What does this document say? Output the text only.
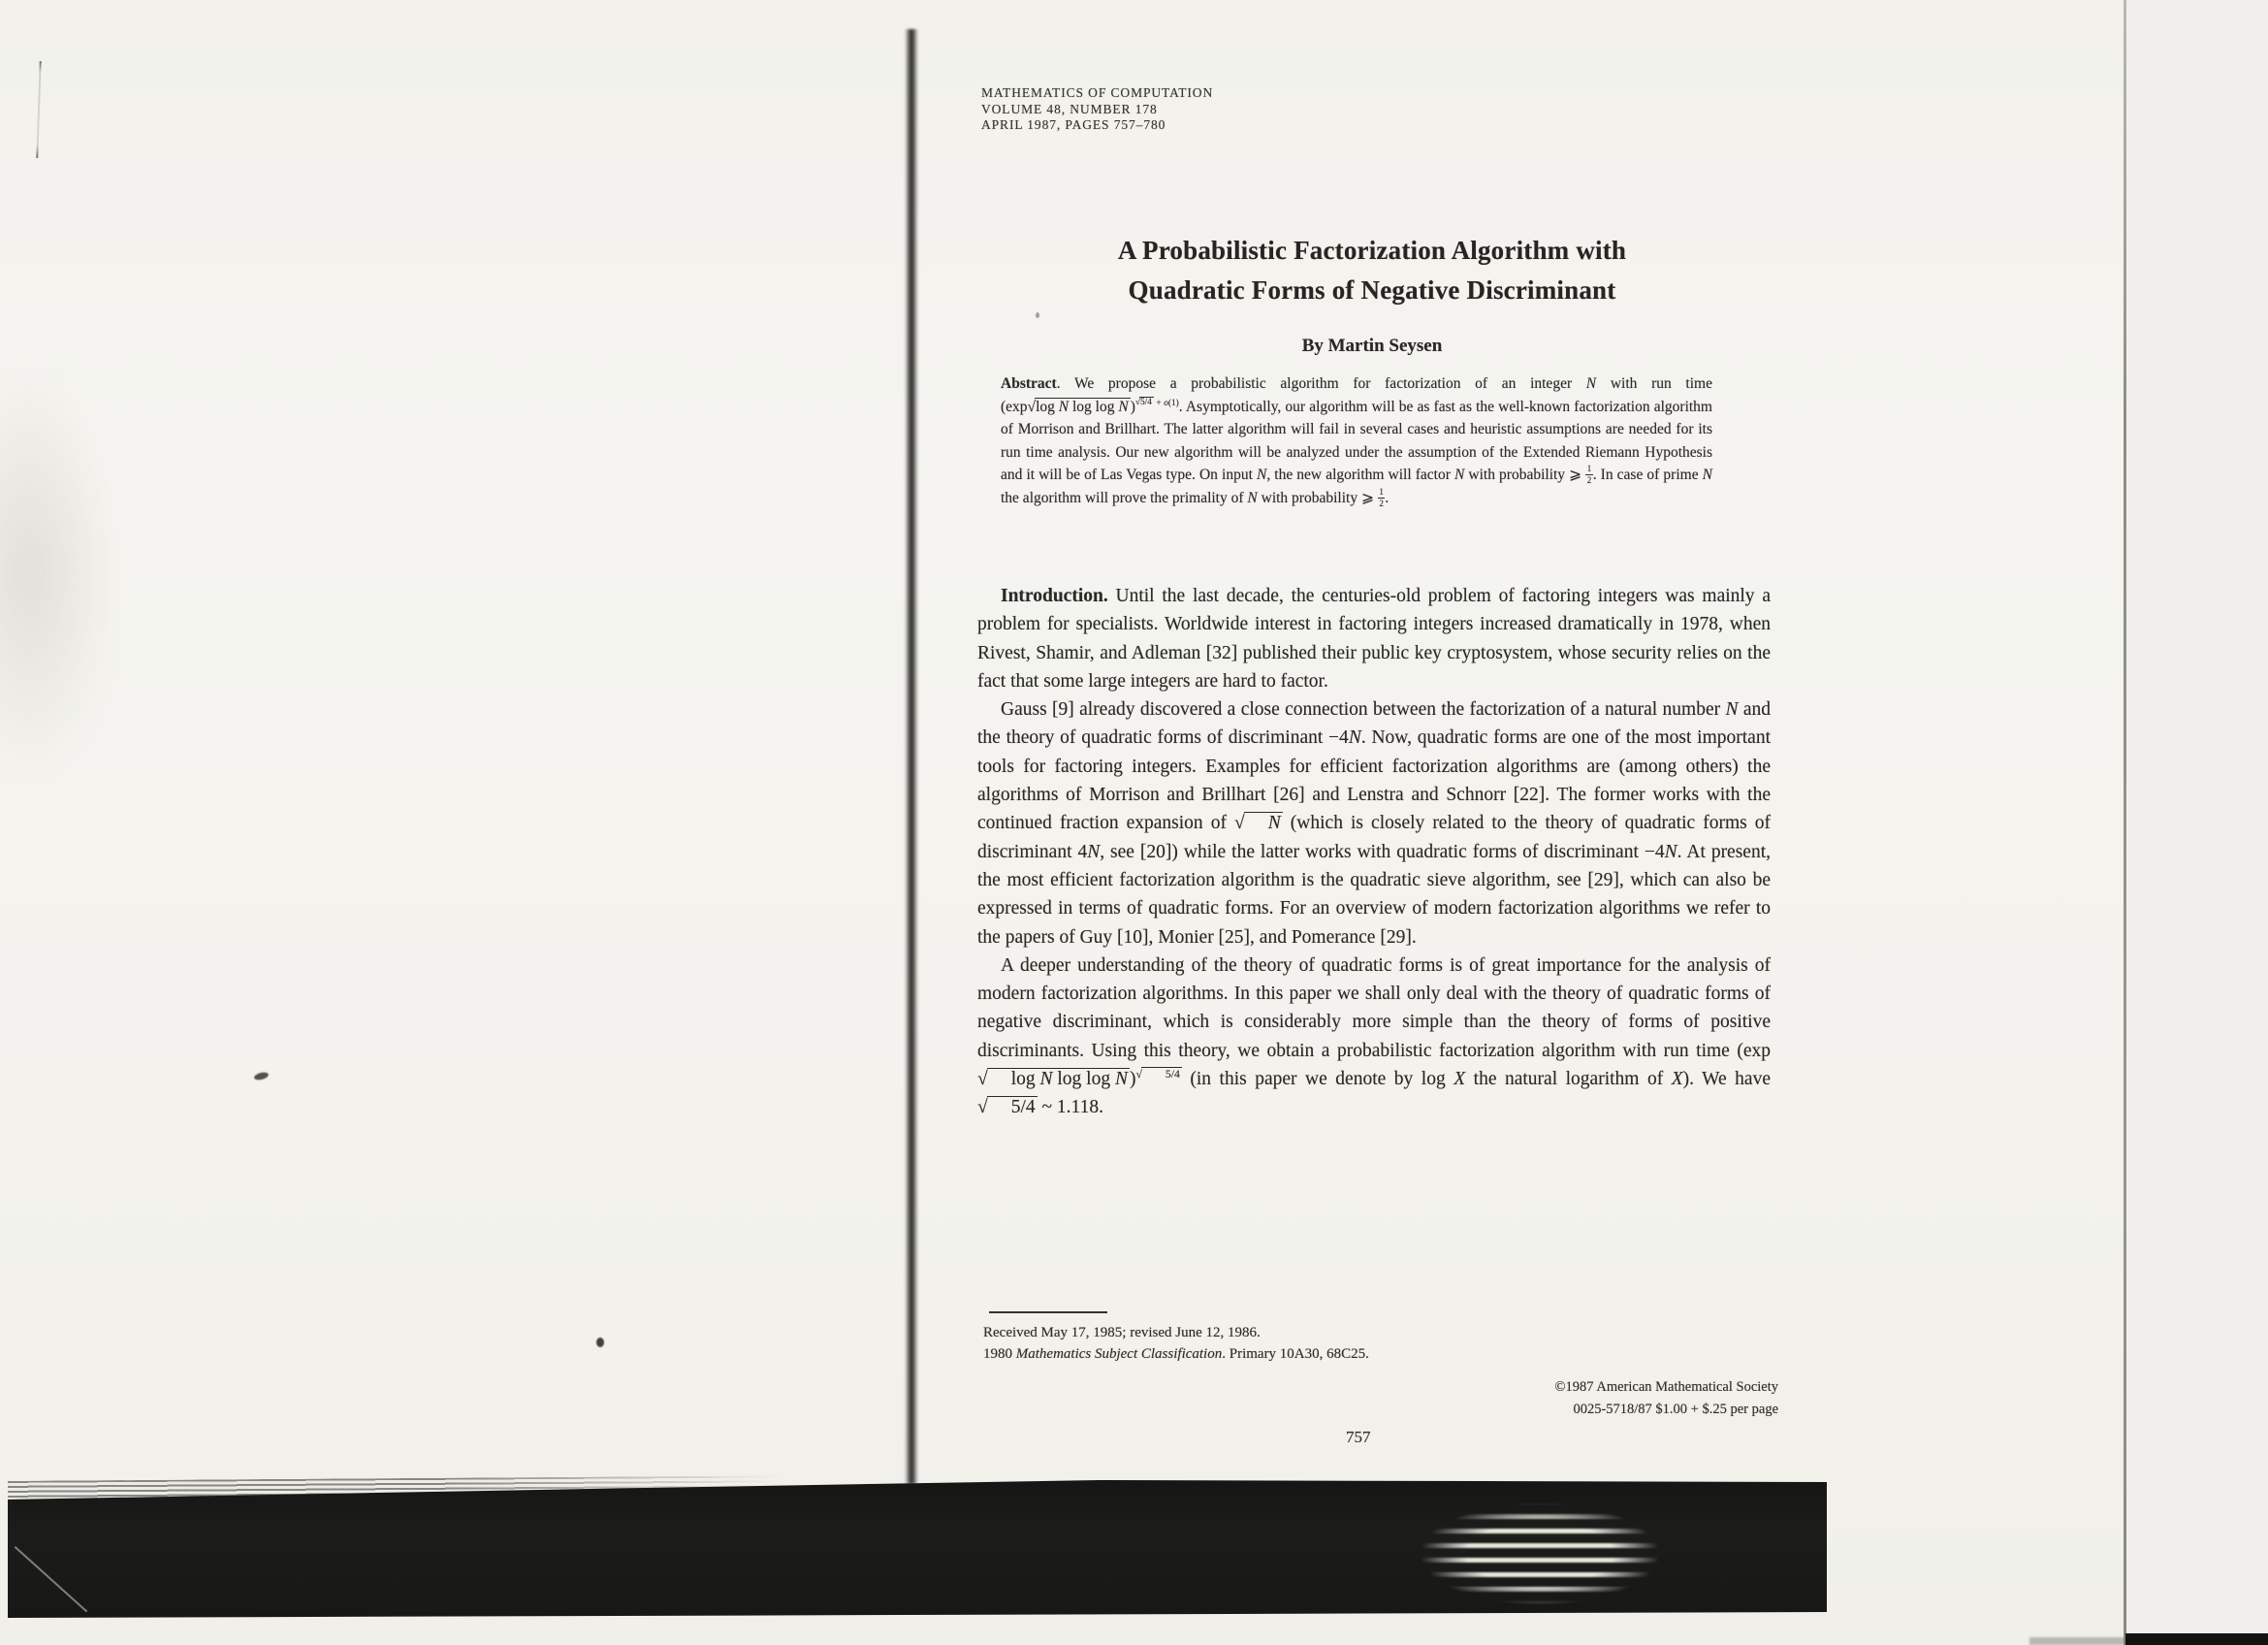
MATHEMATICS OF COMPUTATION
VOLUME 48, NUMBER 178
APRIL 1987, PAGES 757–780
A Probabilistic Factorization Algorithm with
Quadratic Forms of Negative Discriminant
By Martin Seysen
Abstract. We propose a probabilistic algorithm for factorization of an integer N with run time (exp√log N log log N )$^{√5/4}$ $^{+ o(1)}$. Asymptotically, our algorithm will be as fast as the well-known factorization algorithm of Morrison and Brillhart. The latter algorithm will fail in several cases and heuristic assumptions are needed for its run time analysis. Our new algorithm will be analyzed under the assumption of the Extended Riemann Hypothesis and it will be of Las Vegas type. On input N, the new algorithm will factor N with probability ⩾ $\frac{1}{2}$ . In case of prime N the algorithm will prove the primality of N with probability ⩾ $\frac{1}{2}$ .

Introduction. Until the last decade, the centuries-old problem of factoring integers was mainly a problem for specialists. Worldwide interest in factoring integers increased dramatically in 1978, when Rivest, Shamir, and Adleman [32] published their public key cryptosystem, whose security relies on the fact that some large integers are hard to factor.

Gauss [9] already discovered a close connection between the factorization of a natural number N and the theory of quadratic forms of discriminant −4N. Now, quadratic forms are one of the most important tools for factoring integers. Examples for efficient factorization algorithms are (among others) the algorithms of Morrison and Brillhart [26] and Lenstra and Schnorr [22]. The former works with the continued fraction expansion of √ N (which is closely related to the theory of quadratic forms of discriminant 4N, see [20]) while the latter works with quadratic forms of discriminant −4N. At present, the most efficient factorization algorithm is the quadratic sieve algorithm, see [29], which can also be expressed in terms of quadratic forms. For an overview of modern factorization algorithms we refer to the papers of Guy [10], Monier [25], and Pomerance [29].

A deeper understanding of the theory of quadratic forms is of great importance for the analysis of modern factorization algorithms. In this paper we shall only deal with the theory of quadratic forms of negative discriminant, which is considerably more simple than the theory of forms of positive discriminants. Using this theory, we obtain a probabilistic factorization algorithm with run time (exp √ log N log log N )$^{√ 5/4}$ (in this paper we denote by log X the natural logarithm of X). We have √ 5/4 ~ 1.118.

Received May 17, 1985; revised June 12, 1986.
1980 Mathematics Subject Classification. Primary 10A30, 68C25.
©1987 American Mathematical Society
0025-5718/87 $1.00 + $.25 per page
757
